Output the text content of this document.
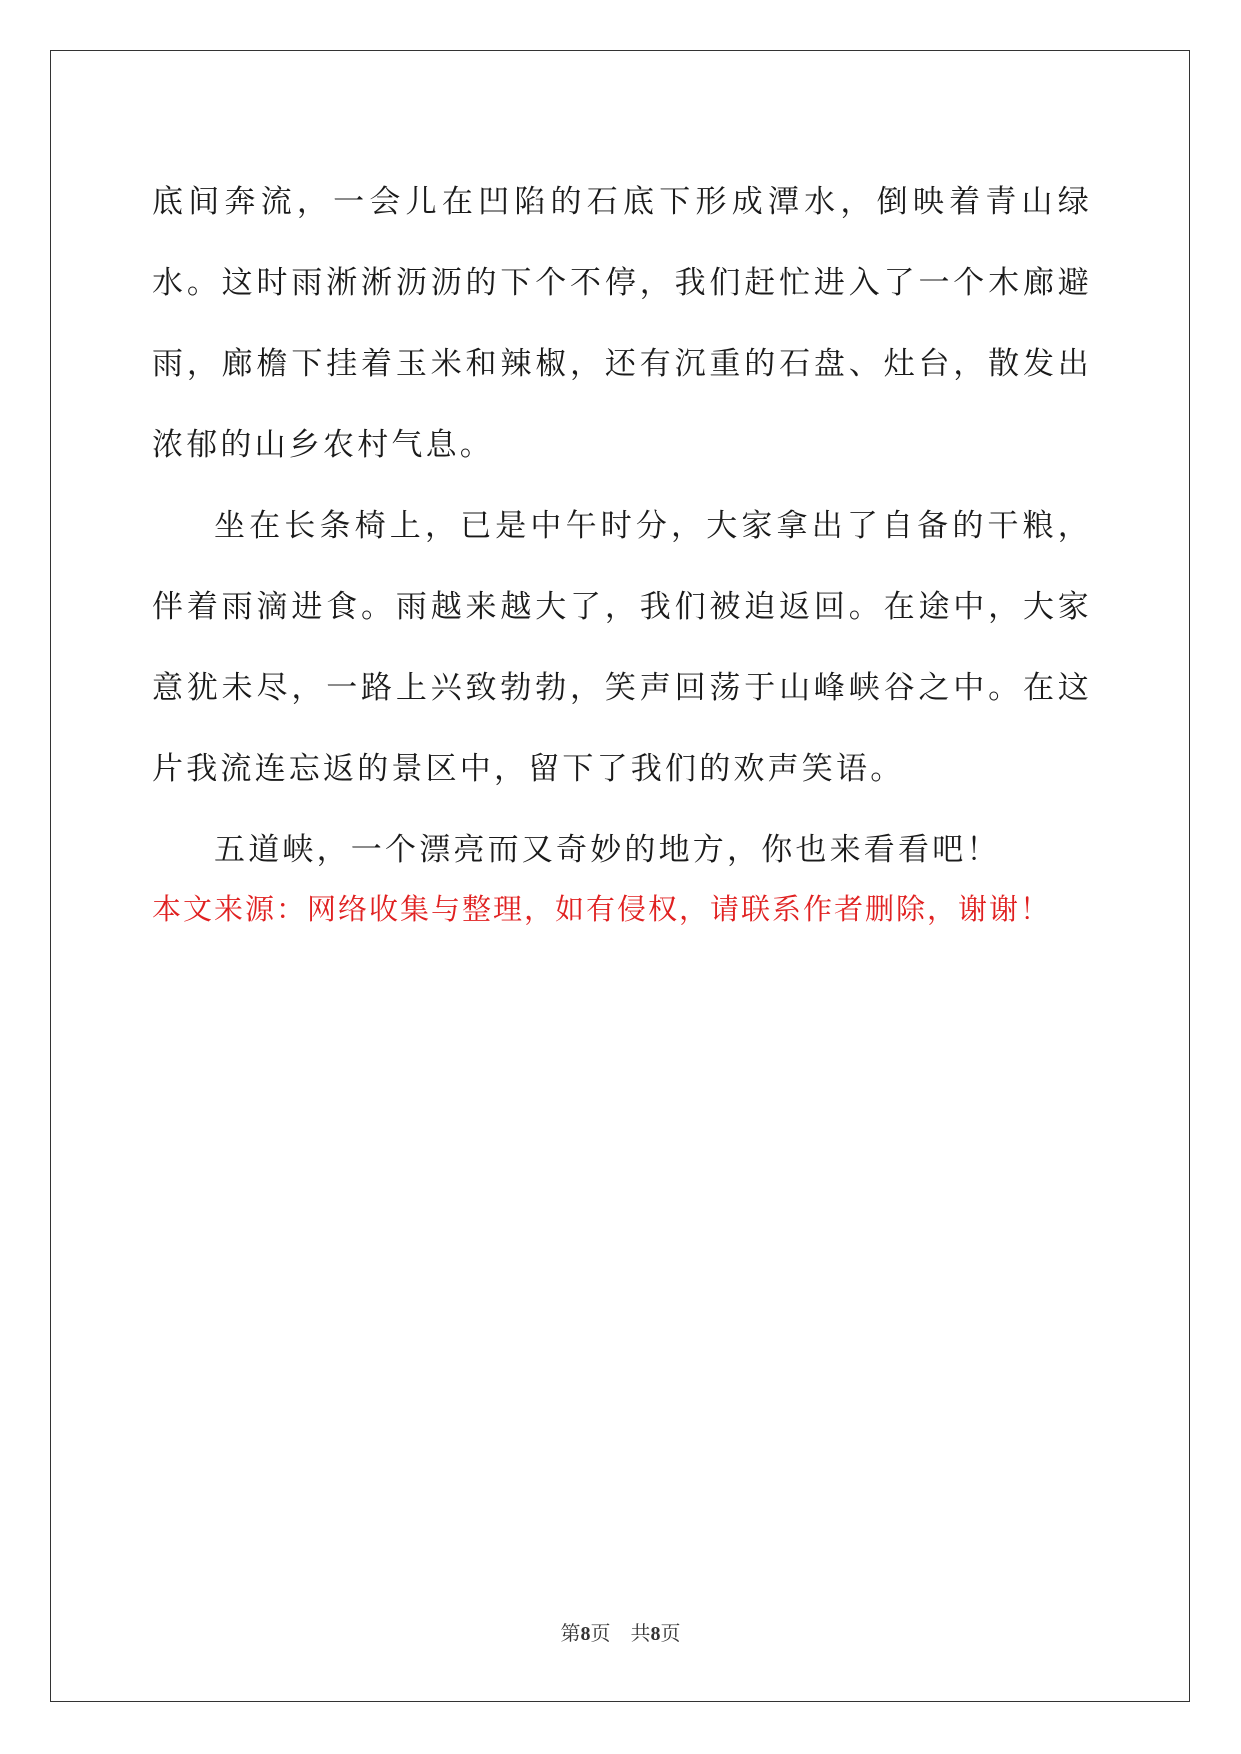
底间奔流，一会儿在凹陷的石底下形成潭水，倒映着青山绿水。这时雨淅淅沥沥的下个不停，我们赶忙进入了一个木廊避雨，廊檐下挂着玉米和辣椒，还有沉重的石盘、灶台，散发出浓郁的山乡农村气息。

坐在长条椅上，已是中午时分，大家拿出了自备的干粮，伴着雨滴进食。雨越来越大了，我们被迫返回。在途中，大家意犹未尽，一路上兴致勃勃，笑声回荡于山峰峡谷之中。在这片我流连忘返的景区中，留下了我们的欢声笑语。

五道峡，一个漂亮而又奇妙的地方，你也来看看吧！

本文来源：网络收集与整理，如有侵权，请联系作者删除，谢谢！

第8页 共8页
